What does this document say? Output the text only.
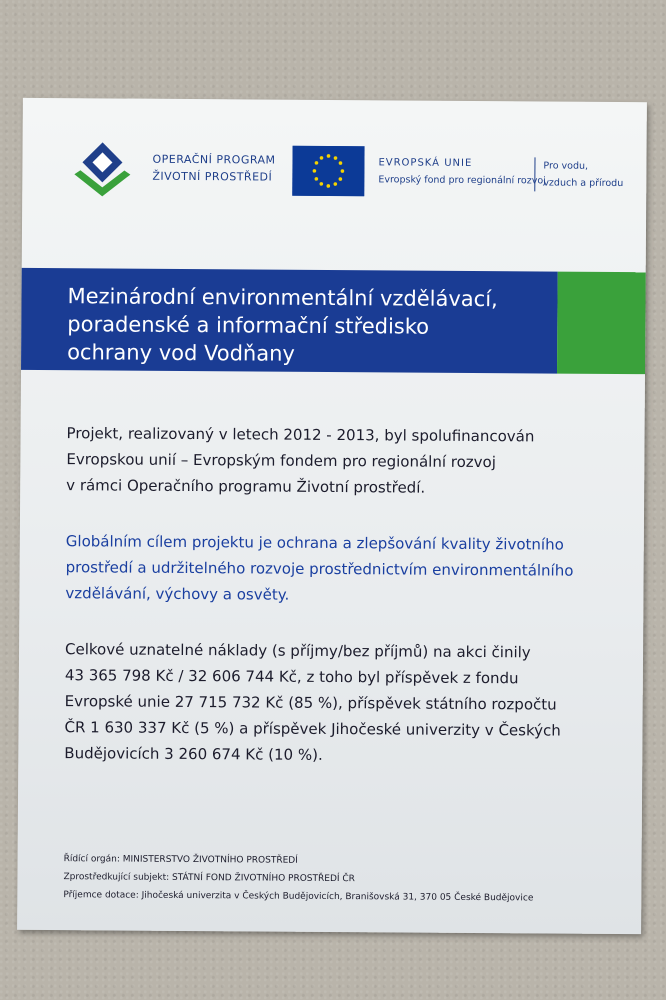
OPERAČNÍ PROGRAM
ŽIVOTNÍ PROSTŘEDÍ
EVROPSKÁ UNIE
Evropský fond pro regionální rozvoj
Pro vodu,
vzduch a přírodu
Mezinárodní environmentální vzdělávací,
poradenské a informační středisko
ochrany vod Vodňany
Projekt, realizovaný v letech 2012 - 2013, byl spolufinancován
Evropskou unií – Evropským fondem pro regionální rozvoj
v rámci Operačního programu Životní prostředí.
Globálním cílem projektu je ochrana a zlepšování kvality životního
prostředí a udržitelného rozvoje prostřednictvím environmentálního
vzdělávání, výchovy a osvěty.
Celkové uznatelné náklady (s příjmy/bez příjmů) na akci činily
43 365 798 Kč / 32 606 744 Kč, z toho byl příspěvek z fondu
Evropské unie 27 715 732 Kč (85 %), příspěvek státního rozpočtu
ČR 1 630 337 Kč (5 %) a příspěvek Jihočeské univerzity v Českých
Budějovicích 3 260 674 Kč (10 %).
Řídící orgán: MINISTERSTVO ŽIVOTNÍHO PROSTŘEDÍ
Zprostředkující subjekt: STÁTNÍ FOND ŽIVOTNÍHO PROSTŘEDÍ ČR
Příjemce dotace: Jihočeská univerzita v Českých Budějovicích, Branišovská 31, 370 05 České Budějovice
